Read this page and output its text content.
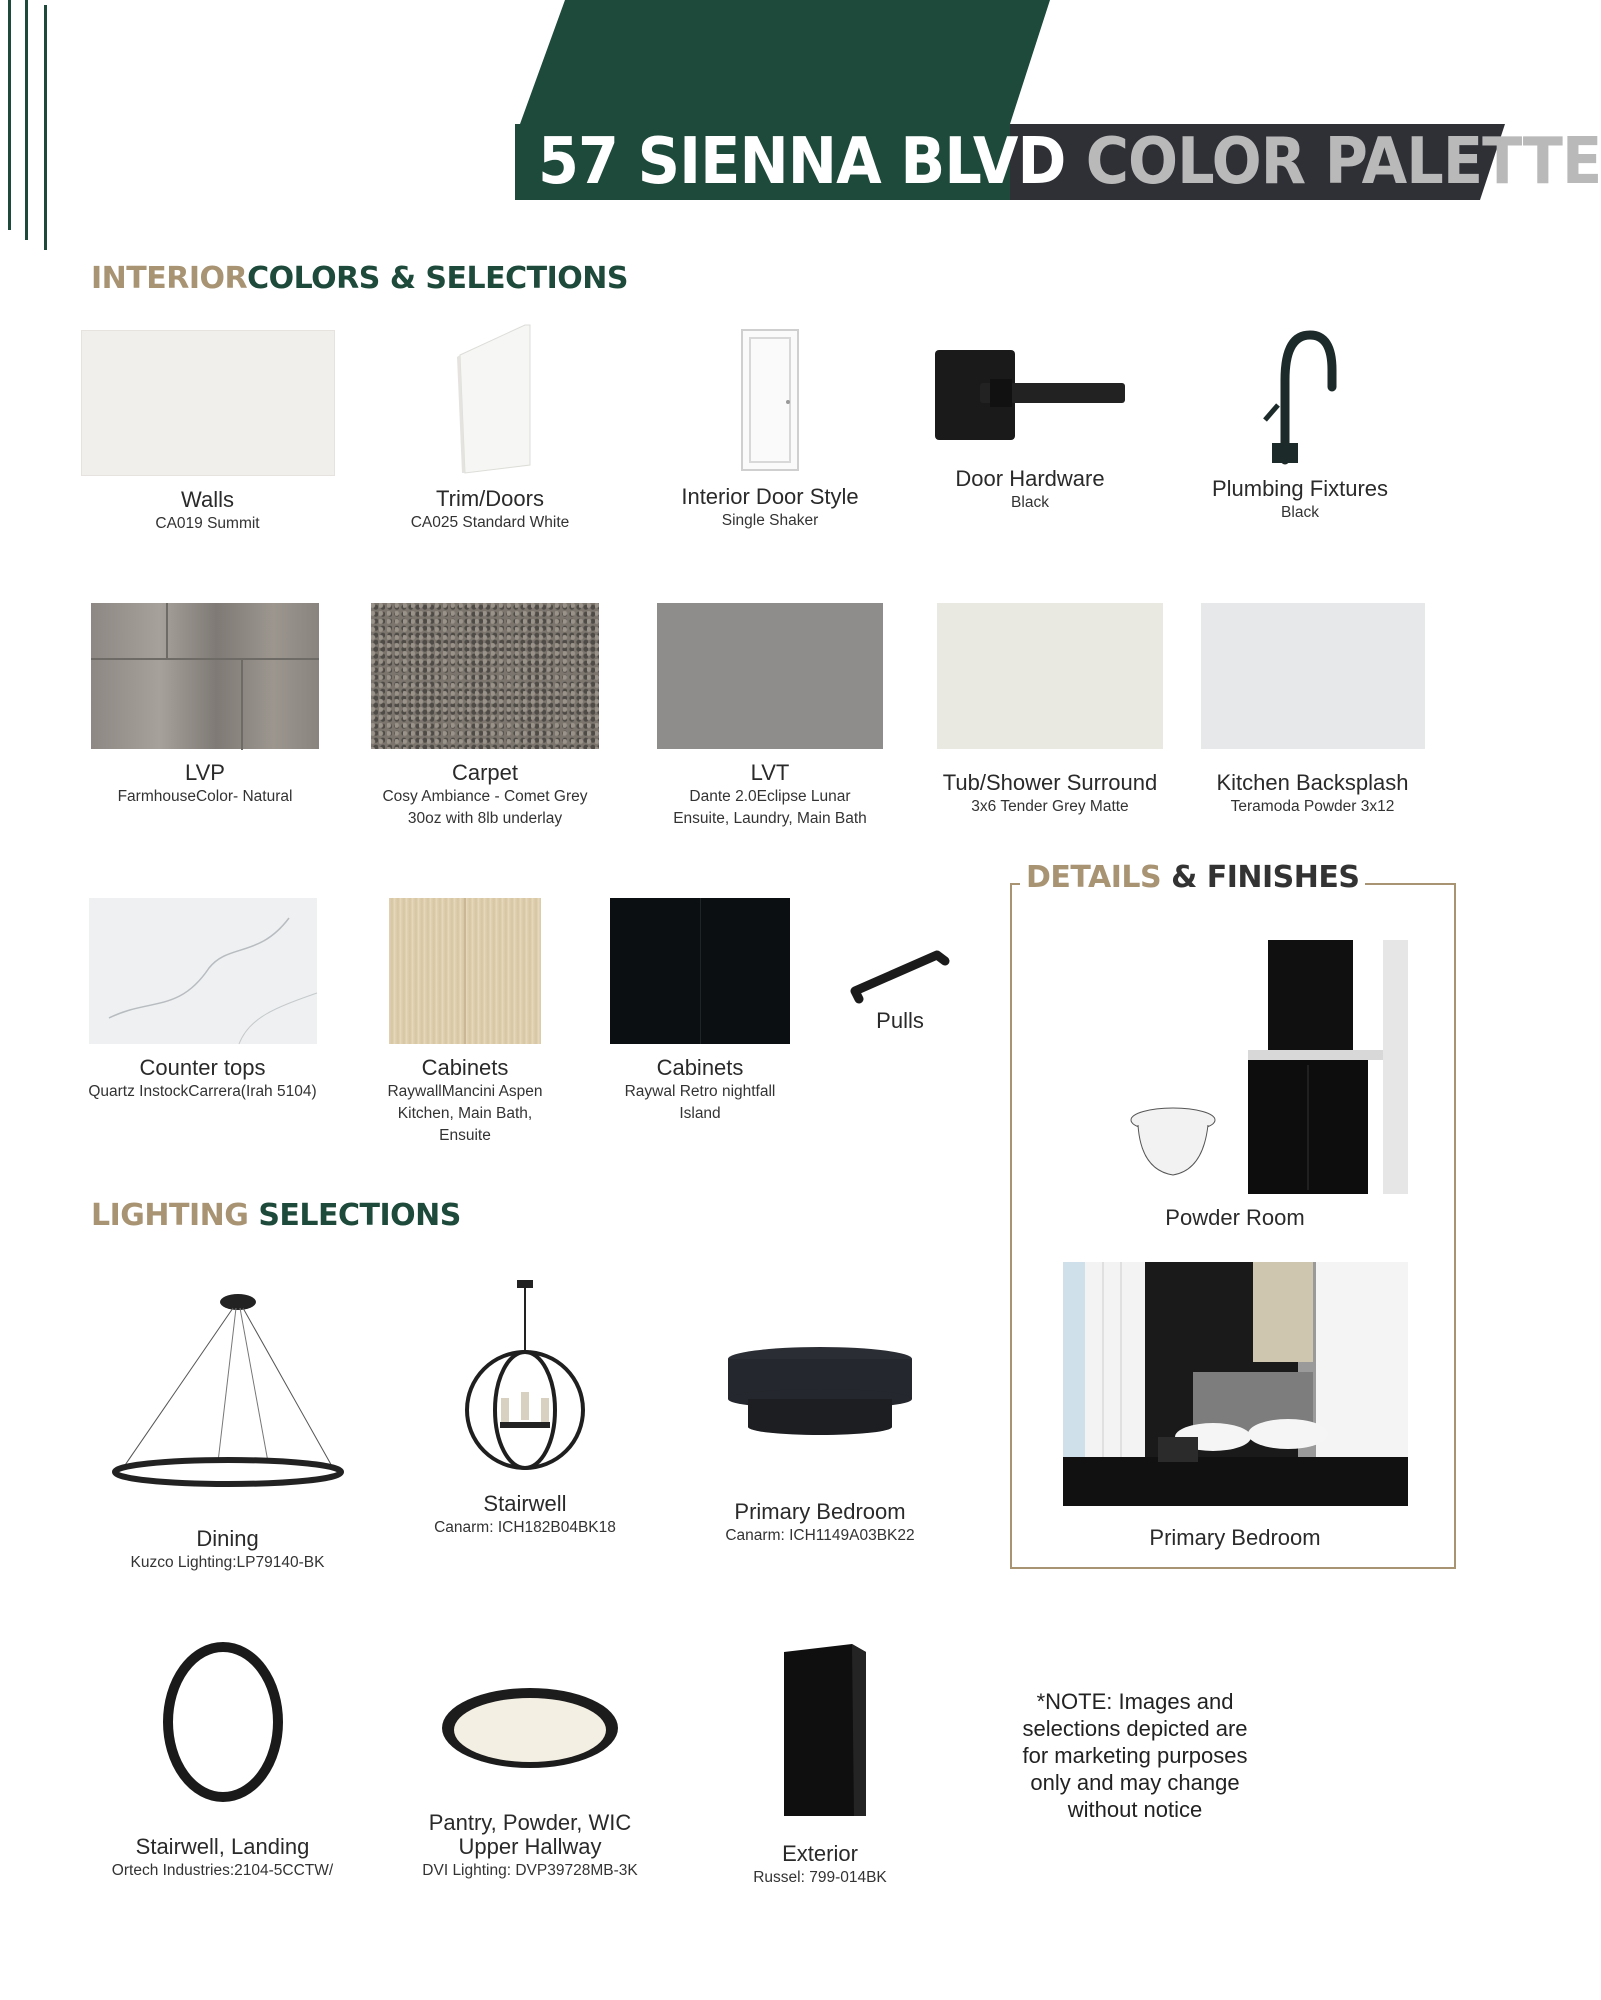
57 SIENNA BLVD COLOR PALETTE
INTERIORCOLORS & SELECTIONS
Walls
CA019 Summit
Trim/Doors
CA025 Standard White
Interior Door Style
Single Shaker
Door Hardware
Black
Plumbing Fixtures
Black
LVP
FarmhouseColor- Natural
Carpet
Cosy Ambiance - Comet Grey
30oz with 8lb underlay
LVT
Dante 2.0Eclipse Lunar
Ensuite, Laundry, Main Bath
Tub/Shower Surround
3x6 Tender Grey Matte
Kitchen Backsplash
Teramoda Powder 3x12
Counter tops
Quartz InstockCarrera(Irah 5104)
Cabinets
RaywallMancini Aspen
Kitchen, Main Bath,
Ensuite
Cabinets
Raywal Retro nightfall
Island
Pulls
DETAILS & FINISHES
Powder Room
Primary Bedroom
LIGHTING SELECTIONS
Dining
Kuzco Lighting:LP79140-BK
Stairwell
Canarm: ICH182B04BK18
Primary Bedroom
Canarm: ICH1149A03BK22
Stairwell, Landing
Ortech Industries:2104-5CCTW/
Pantry, Powder, WIC
Upper Hallway
DVI Lighting: DVP39728MB-3K
Exterior
Russel: 799-014BK
*NOTE: Images and
selections depicted are
for marketing purposes
only and may change
without notice
